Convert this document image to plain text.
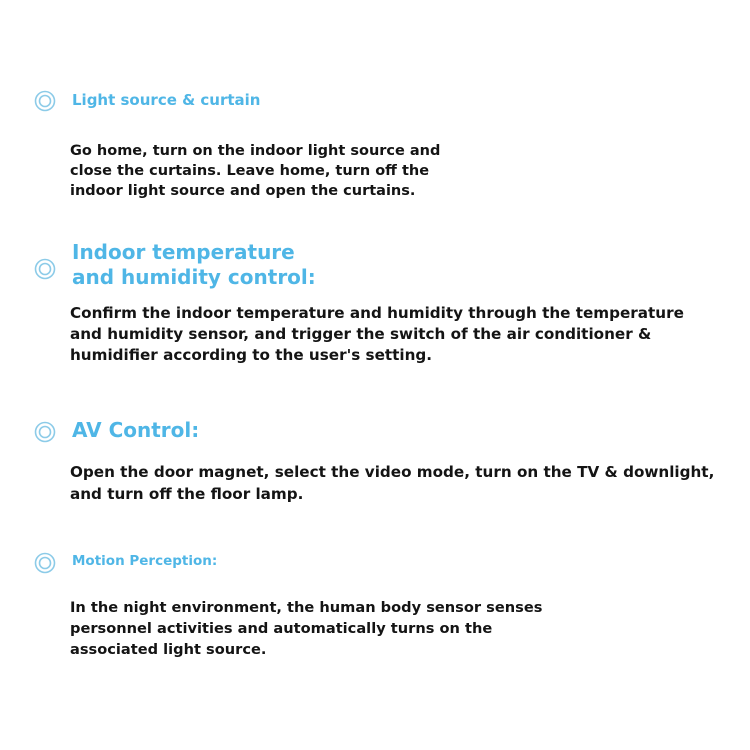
Light source & curtain
Go home, turn on the indoor light source and
close the curtains. Leave home, turn off the
indoor light source and open the curtains.
Indoor temperature
and humidity control:
Confirm the indoor temperature and humidity through the temperature
and humidity sensor, and trigger the switch of the air conditioner &
humidifier according to the user's setting.
AV Control:
Open the door magnet, select the video mode, turn on the TV & downlight,
and turn off the floor lamp.
Motion Perception:
In the night environment, the human body sensor senses
personnel activities and automatically turns on the
associated light source.
